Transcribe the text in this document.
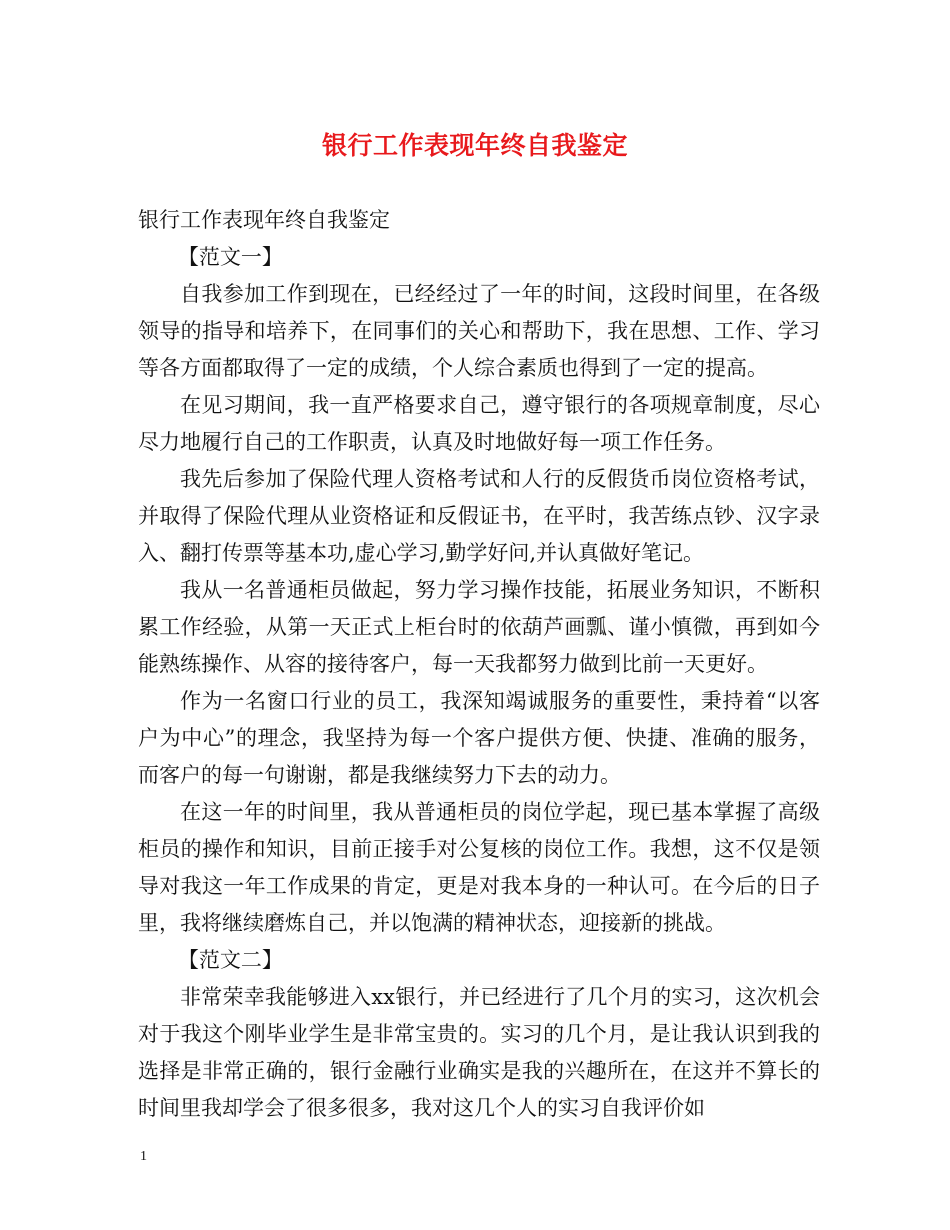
银行工作表现年终自我鉴定

银行工作表现年终自我鉴定

【范文一】

自我参加工作到现在，已经经过了一年的时间，这段时间里，在各级领导的指导和培养下，在同事们的关心和帮助下，我在思想、工作、学习等各方面都取得了一定的成绩，个人综合素质也得到了一定的提高。

在见习期间，我一直严格要求自己，遵守银行的各项规章制度，尽心尽力地履行自己的工作职责，认真及时地做好每一项工作任务。

我先后参加了保险代理人资格考试和人行的反假货币岗位资格考试，并取得了保险代理从业资格证和反假证书，在平时，我苦练点钞、汉字录入、翻打传票等基本功,虚心学习,勤学好问,并认真做好笔记。

我从一名普通柜员做起，努力学习操作技能，拓展业务知识，不断积累工作经验，从第一天正式上柜台时的依葫芦画瓢、谨小慎微，再到如今能熟练操作、从容的接待客户，每一天我都努力做到比前一天更好。

作为一名窗口行业的员工，我深知竭诚服务的重要性，秉持着“以客户为中心”的理念，我坚持为每一个客户提供方便、快捷、准确的服务，而客户的每一句谢谢，都是我继续努力下去的动力。

在这一年的时间里，我从普通柜员的岗位学起，现已基本掌握了高级柜员的操作和知识，目前正接手对公复核的岗位工作。我想，这不仅是领导对我这一年工作成果的肯定，更是对我本身的一种认可。在今后的日子里，我将继续磨炼自己，并以饱满的精神状态，迎接新的挑战。

【范文二】

非常荣幸我能够进入xx银行，并已经进行了几个月的实习，这次机会对于我这个刚毕业学生是非常宝贵的。实习的几个月，是让我认识到我的选择是非常正确的，银行金融行业确实是我的兴趣所在，在这并不算长的时间里我却学会了很多很多，我对这几个人的实习自我评价如

1
